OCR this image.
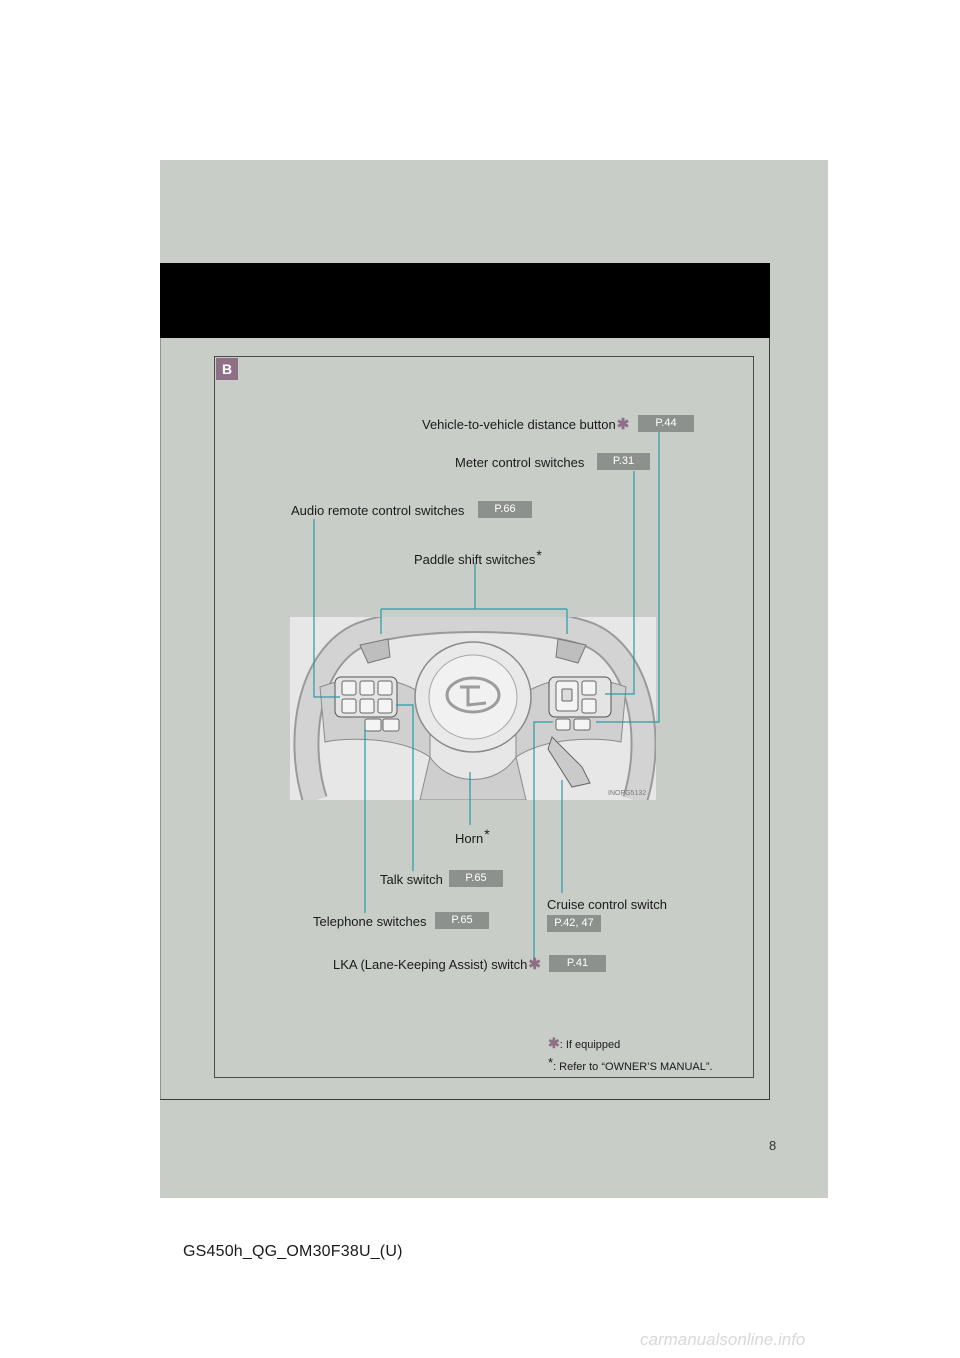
B
INOPG5132
Vehicle-to-vehicle distance button✱	P.44
Meter control switches	P.31
Audio remote control switches	P.66
Paddle shift switches*
Horn*
Talk switch	P.65
Telephone switches	P.65
Cruise control switch
P.42, 47
LKA (Lane-Keeping Assist) switch✱	P.41
✱: If equipped
*: Refer to “OWNER’S MANUAL”.
8
GS450h_QG_OM30F38U_(U)
carmanualsonline.info
